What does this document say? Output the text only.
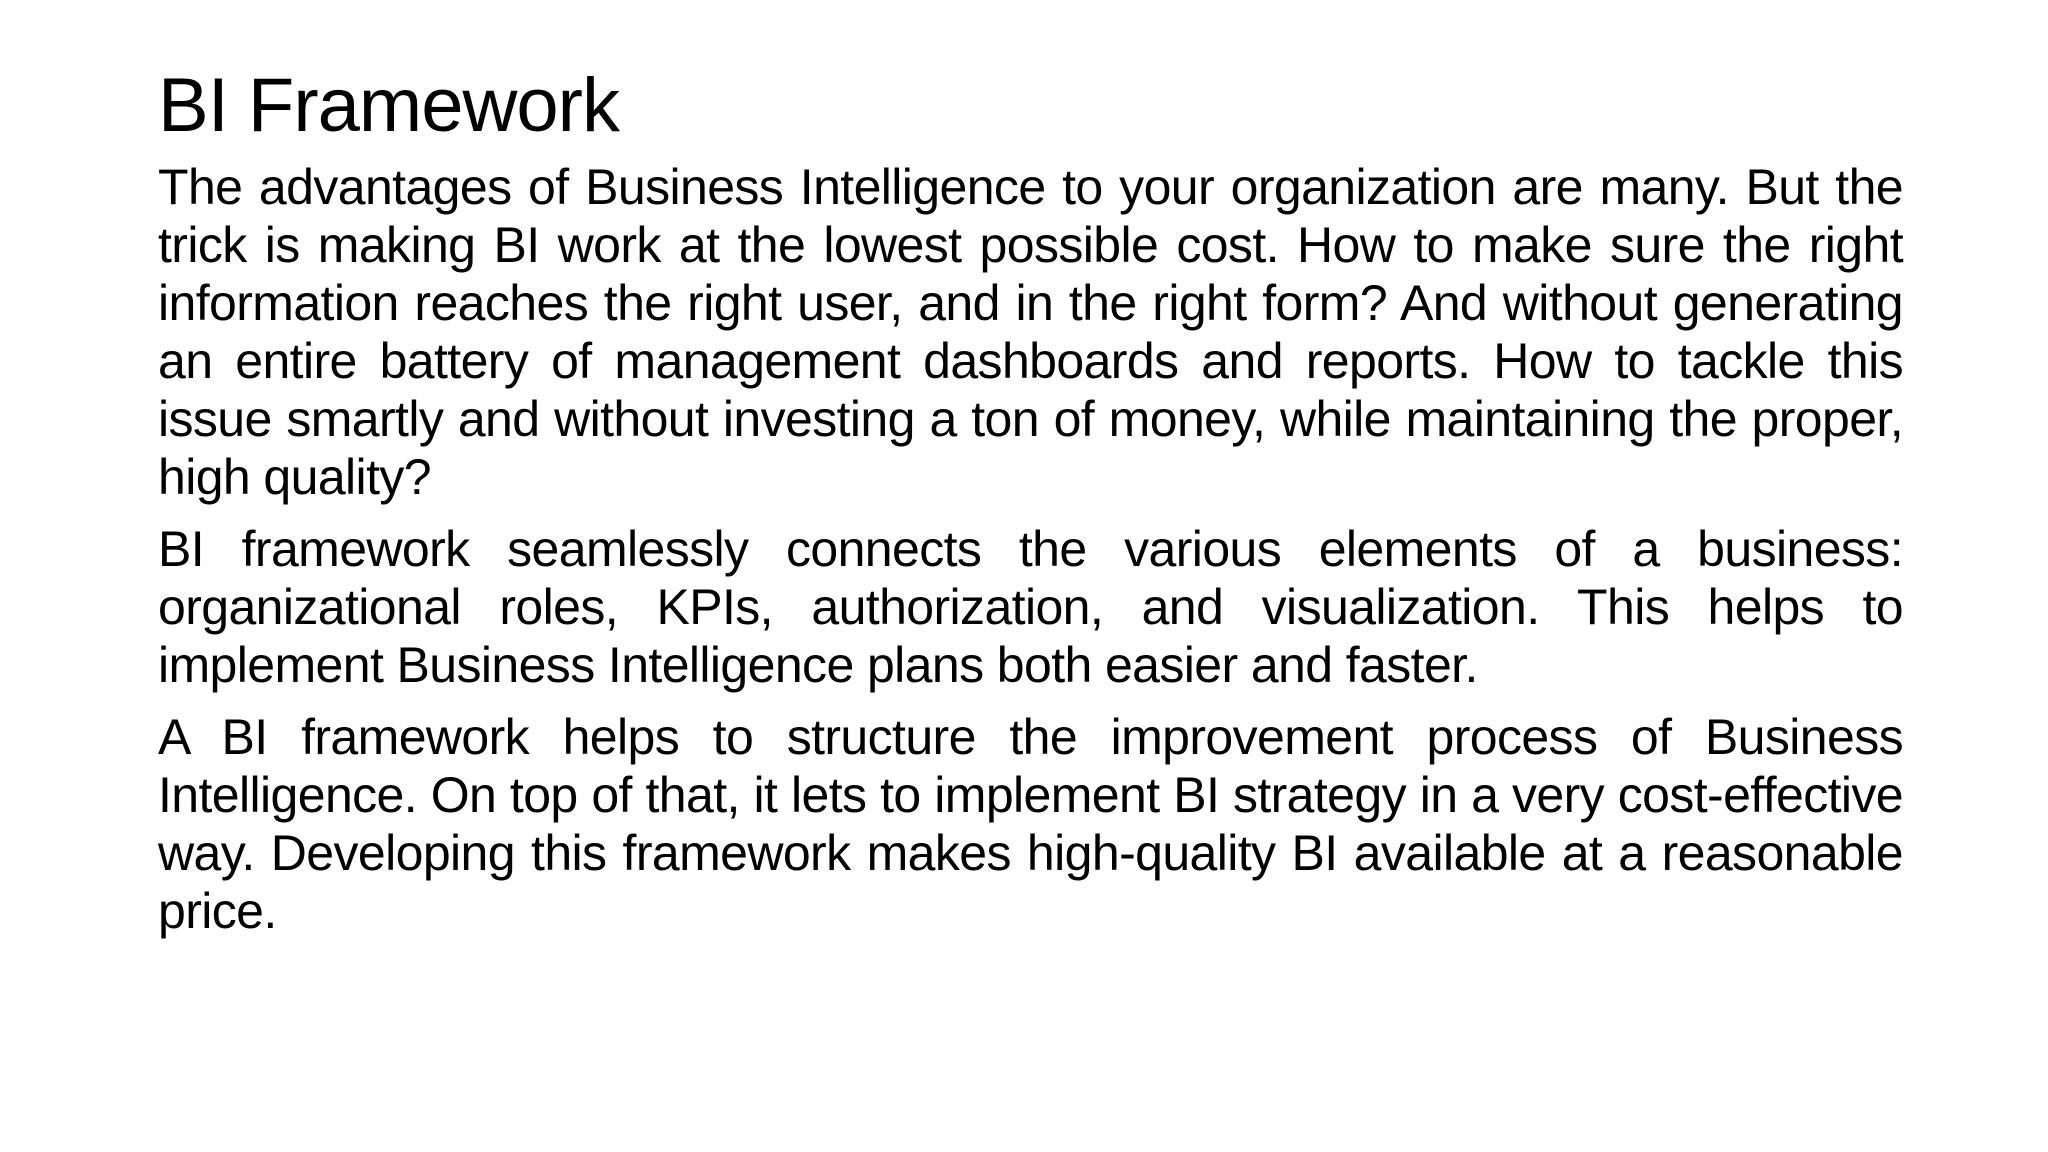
BI Framework

The advantages of Business Intelligence to your organization are many. But the trick is making BI work at the lowest possible cost. How to make sure the right information reaches the right user, and in the right form? And without generating an entire battery of management dashboards and reports. How to tackle this issue smartly and without investing a ton of money, while maintaining the proper, high quality?

BI framework seamlessly connects the various elements of a business: organizational roles, KPIs, authorization, and visualization. This helps to implement Business Intelligence plans both easier and faster.

A BI framework helps to structure the improvement process of Business Intelligence. On top of that, it lets to implement BI strategy in a very cost-effective way. Developing this framework makes high-quality BI available at a reasonable price.
